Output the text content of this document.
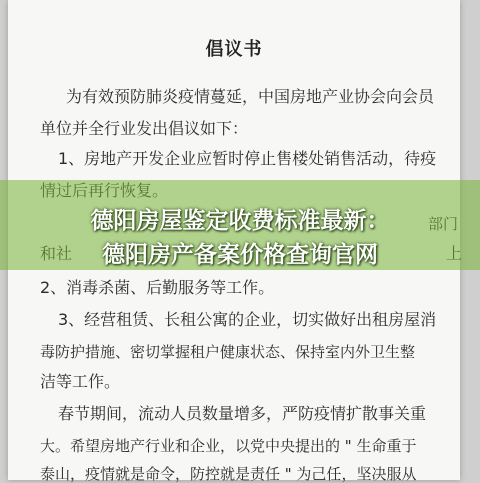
倡议书
为有效预防肺炎疫情蔓延，中国房地产业协会向会员
单位并全行业发出倡议如下：
1、房地产开发企业应暂时停止售楼处销售活动，待疫
2、消毒杀菌、后勤服务等工作。
3、经营租赁、长租公寓的企业，切实做好出租房屋消
毒防护措施、密切掌握租户健康状态、保持室内外卫生整
洁等工作。
春节期间，流动人员数量增多，严防疫情扩散事关重
大。希望房地产行业和企业，以党中央提出的 " 生命重于
泰山，疫情就是命令，防控就是责任 " 为己任，坚决服从
德阳房屋鉴定收费标准最新：
德阳房产备案价格查询官网
